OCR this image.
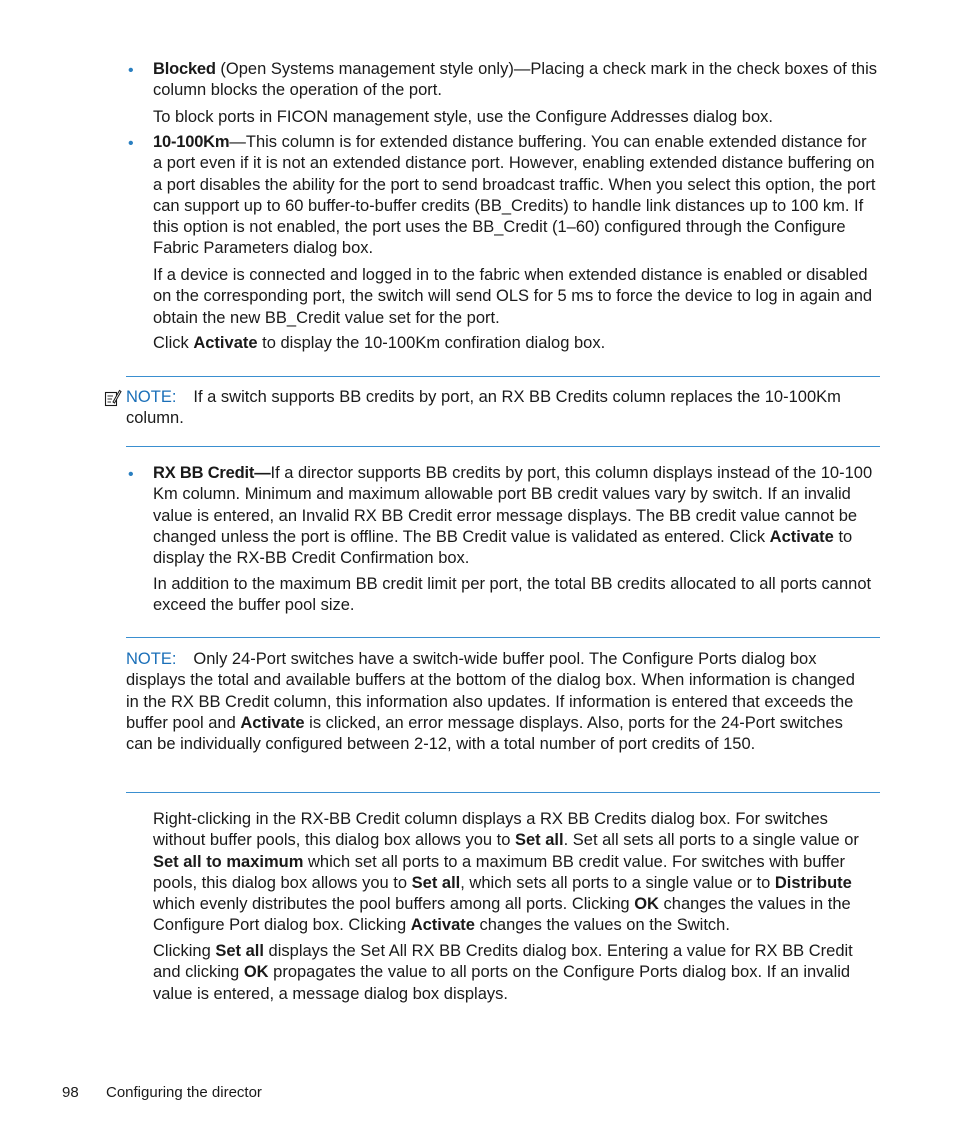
• Blocked (Open Systems management style only)—Placing a check mark in the check boxes of this column blocks the operation of the port.

To block ports in FICON management style, use the Configure Addresses dialog box.

• 10-100Km—This column is for extended distance buffering. You can enable extended distance for a port even if it is not an extended distance port. However, enabling extended distance buffering on a port disables the ability for the port to send broadcast traffic. When you select this option, the port can support up to 60 buffer-to-buffer credits (BB_Credits) to handle link distances up to 100 km. If this option is not enabled, the port uses the BB_Credit (1–60) configured through the Configure Fabric Parameters dialog box.

If a device is connected and logged in to the fabric when extended distance is enabled or disabled on the corresponding port, the switch will send OLS for 5 ms to force the device to log in again and obtain the new BB_Credit value set for the port.

Click Activate to display the 10-100Km confiration dialog box.

NOTE: If a switch supports BB credits by port, an RX BB Credits column replaces the 10-100Km column.

• RX BB Credit—If a director supports BB credits by port, this column displays instead of the 10-100 Km column. Minimum and maximum allowable port BB credit values vary by switch. If an invalid value is entered, an Invalid RX BB Credit error message displays. The BB credit value cannot be changed unless the port is offline. The BB Credit value is validated as entered. Click Activate to display the RX-BB Credit Confirmation box.

In addition to the maximum BB credit limit per port, the total BB credits allocated to all ports cannot exceed the buffer pool size.

NOTE: Only 24-Port switches have a switch-wide buffer pool. The Configure Ports dialog box displays the total and available buffers at the bottom of the dialog box. When information is changed in the RX BB Credit column, this information also updates. If information is entered that exceeds the buffer pool and Activate is clicked, an error message displays. Also, ports for the 24-Port switches can be individually configured between 2-12, with a total number of port credits of 150.

Right-clicking in the RX-BB Credit column displays a RX BB Credits dialog box. For switches without buffer pools, this dialog box allows you to Set all. Set all sets all ports to a single value or Set all to maximum which set all ports to a maximum BB credit value. For switches with buffer pools, this dialog box allows you to Set all, which sets all ports to a single value or to Distribute which evenly distributes the pool buffers among all ports. Clicking OK changes the values in the Configure Port dialog box. Clicking Activate changes the values on the Switch.

Clicking Set all displays the Set All RX BB Credits dialog box. Entering a value for RX BB Credit and clicking OK propagates the value to all ports on the Configure Ports dialog box. If an invalid value is entered, a message dialog box displays.

98 Configuring the director
